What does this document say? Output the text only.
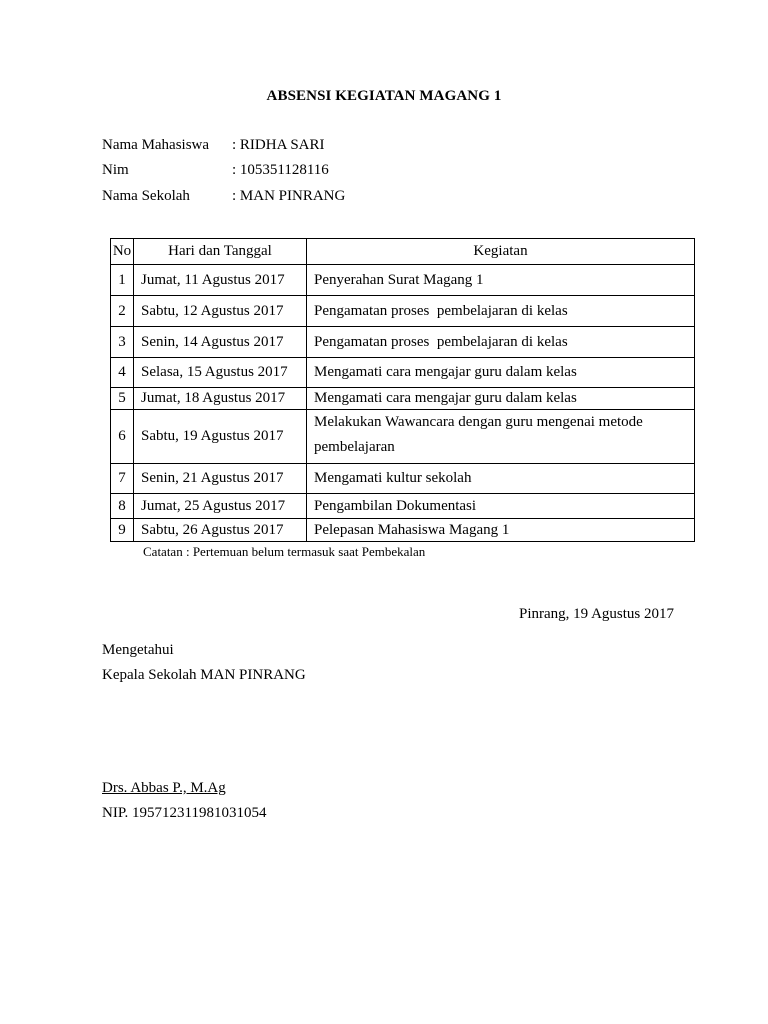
ABSENSI KEGIATAN MAGANG 1
Nama Mahasiswa	: RIDHA SARI
Nim	: 105351128116
Nama Sekolah	: MAN PINRANG
No	Hari dan Tanggal	Kegiatan
1	Jumat, 11 Agustus 2017	Penyerahan Surat Magang 1
2	Sabtu, 12 Agustus 2017	Pengamatan proses  pembelajaran di kelas
3	Senin, 14 Agustus 2017	Pengamatan proses  pembelajaran di kelas
4	Selasa, 15 Agustus 2017	Mengamati cara mengajar guru dalam kelas
5	Jumat, 18 Agustus 2017	Mengamati cara mengajar guru dalam kelas
6	Sabtu, 19 Agustus 2017	Melakukan Wawancara dengan guru mengenai metode pembelajaran
7	Senin, 21 Agustus 2017	Mengamati kultur sekolah
8	Jumat, 25 Agustus 2017	Pengambilan Dokumentasi
9	Sabtu, 26 Agustus 2017	Pelepasan Mahasiswa Magang 1
Catatan : Pertemuan belum termasuk saat Pembekalan
Pinrang, 19 Agustus 2017
Mengetahui
Kepala Sekolah MAN PINRANG
Drs. Abbas P., M.Ag
NIP. 195712311981031054
